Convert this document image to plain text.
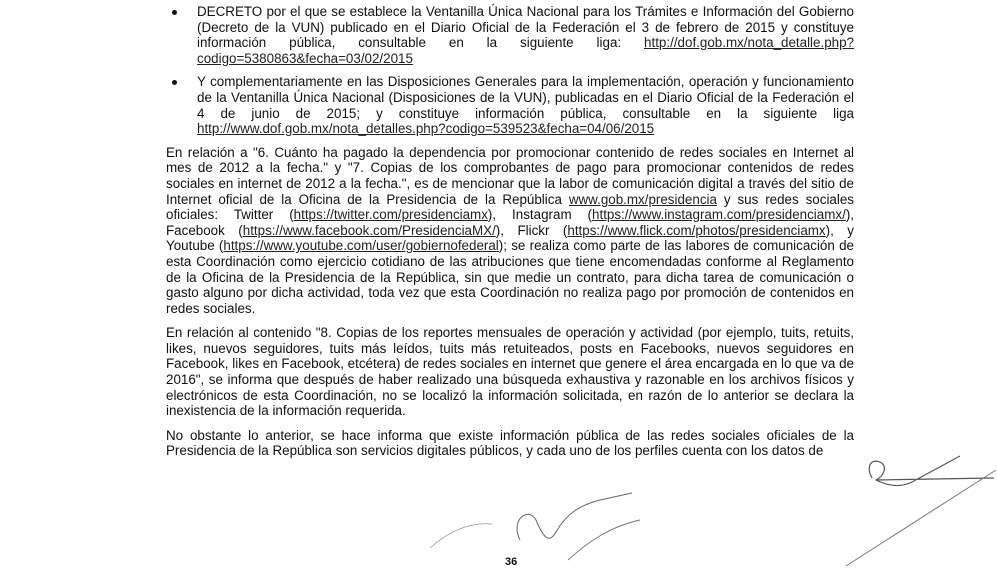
DECRETO por el que se establece la Ventanilla Única Nacional para los Trámites e Información del Gobierno (Decreto de la VUN) publicado en el Diario Oficial de la Federación el 3 de febrero de 2015 y constituye información pública, consultable en la siguiente liga: http://dof.gob.mx/nota_detalle.php?codigo=5380863&fecha=03/02/2015
Y complementariamente en las Disposiciones Generales para la implementación, operación y funcionamiento de la Ventanilla Única Nacional (Disposiciones de la VUN), publicadas en el Diario Oficial de la Federación el 4 de junio de 2015; y constituye información pública, consultable en la siguiente liga http://www.dof.gob.mx/nota_detalles.php?codigo=539523&fecha=04/06/2015

En relación a "6. Cuánto ha pagado la dependencia por promocionar contenido de redes sociales en Internet al mes de 2012 a la fecha." y "7. Copias de los comprobantes de pago para promocionar contenidos de redes sociales en internet de 2012 a la fecha.", es de mencionar que la labor de comunicación digital a través del sitio de Internet oficial de la Oficina de la Presidencia de la República www.gob.mx/presidencia y sus redes sociales oficiales: Twitter (https://twitter.com/presidenciamx), Instagram (https://www.instagram.com/presidenciamx/), Facebook (https://www.facebook.com/PresidenciaMX/), Flickr (https://www.flick.com/photos/presidenciamx), y Youtube (https://www.youtube.com/user/gobiernofederal); se realiza como parte de las labores de comunicación de esta Coordinación como ejercicio cotidiano de las atribuciones que tiene encomendadas conforme al Reglamento de la Oficina de la Presidencia de la República, sin que medie un contrato, para dicha tarea de comunicación o gasto alguno por dicha actividad, toda vez que esta Coordinación no realiza pago por promoción de contenidos en redes sociales.

En relación al contenido "8. Copias de los reportes mensuales de operación y actividad (por ejemplo, tuits, retuits, likes, nuevos seguidores, tuits más leídos, tuits más retuiteados, posts en Facebooks, nuevos seguidores en Facebook, likes en Facebook, etcétera) de redes sociales en internet que genere el área encargada en lo que va de 2016", se informa que después de haber realizado una búsqueda exhaustiva y razonable en los archivos físicos y electrónicos de esta Coordinación, no se localizó la información solicitada, en razón de lo anterior se declara la inexistencia de la información requerida.

No obstante lo anterior, se hace informa que existe información pública de las redes sociales oficiales de la Presidencia de la República son servicios digitales públicos, y cada uno de los perfiles cuenta con los datos de

36
